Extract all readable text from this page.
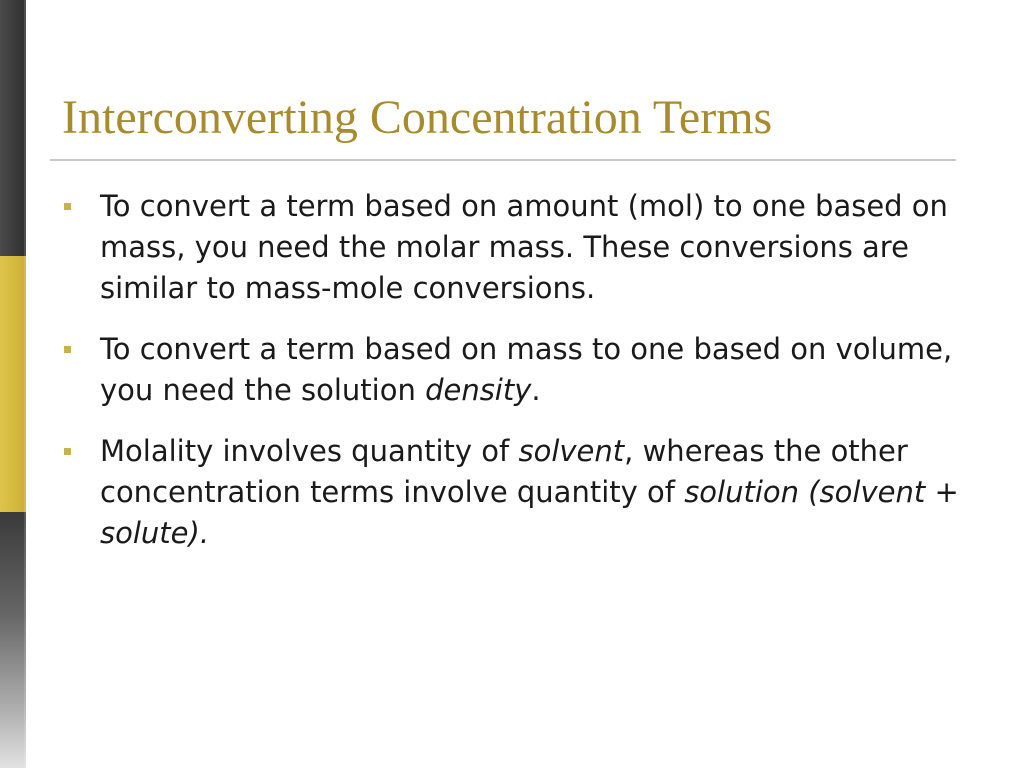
Interconverting Concentration Terms
To convert a term based on amount (mol) to one based on mass, you need the molar mass. These conversions are similar to mass-mole conversions.
To convert a term based on mass to one based on volume, you need the solution density.
Molality involves quantity of solvent, whereas the other concentration terms involve quantity of solution (solvent + solute).
